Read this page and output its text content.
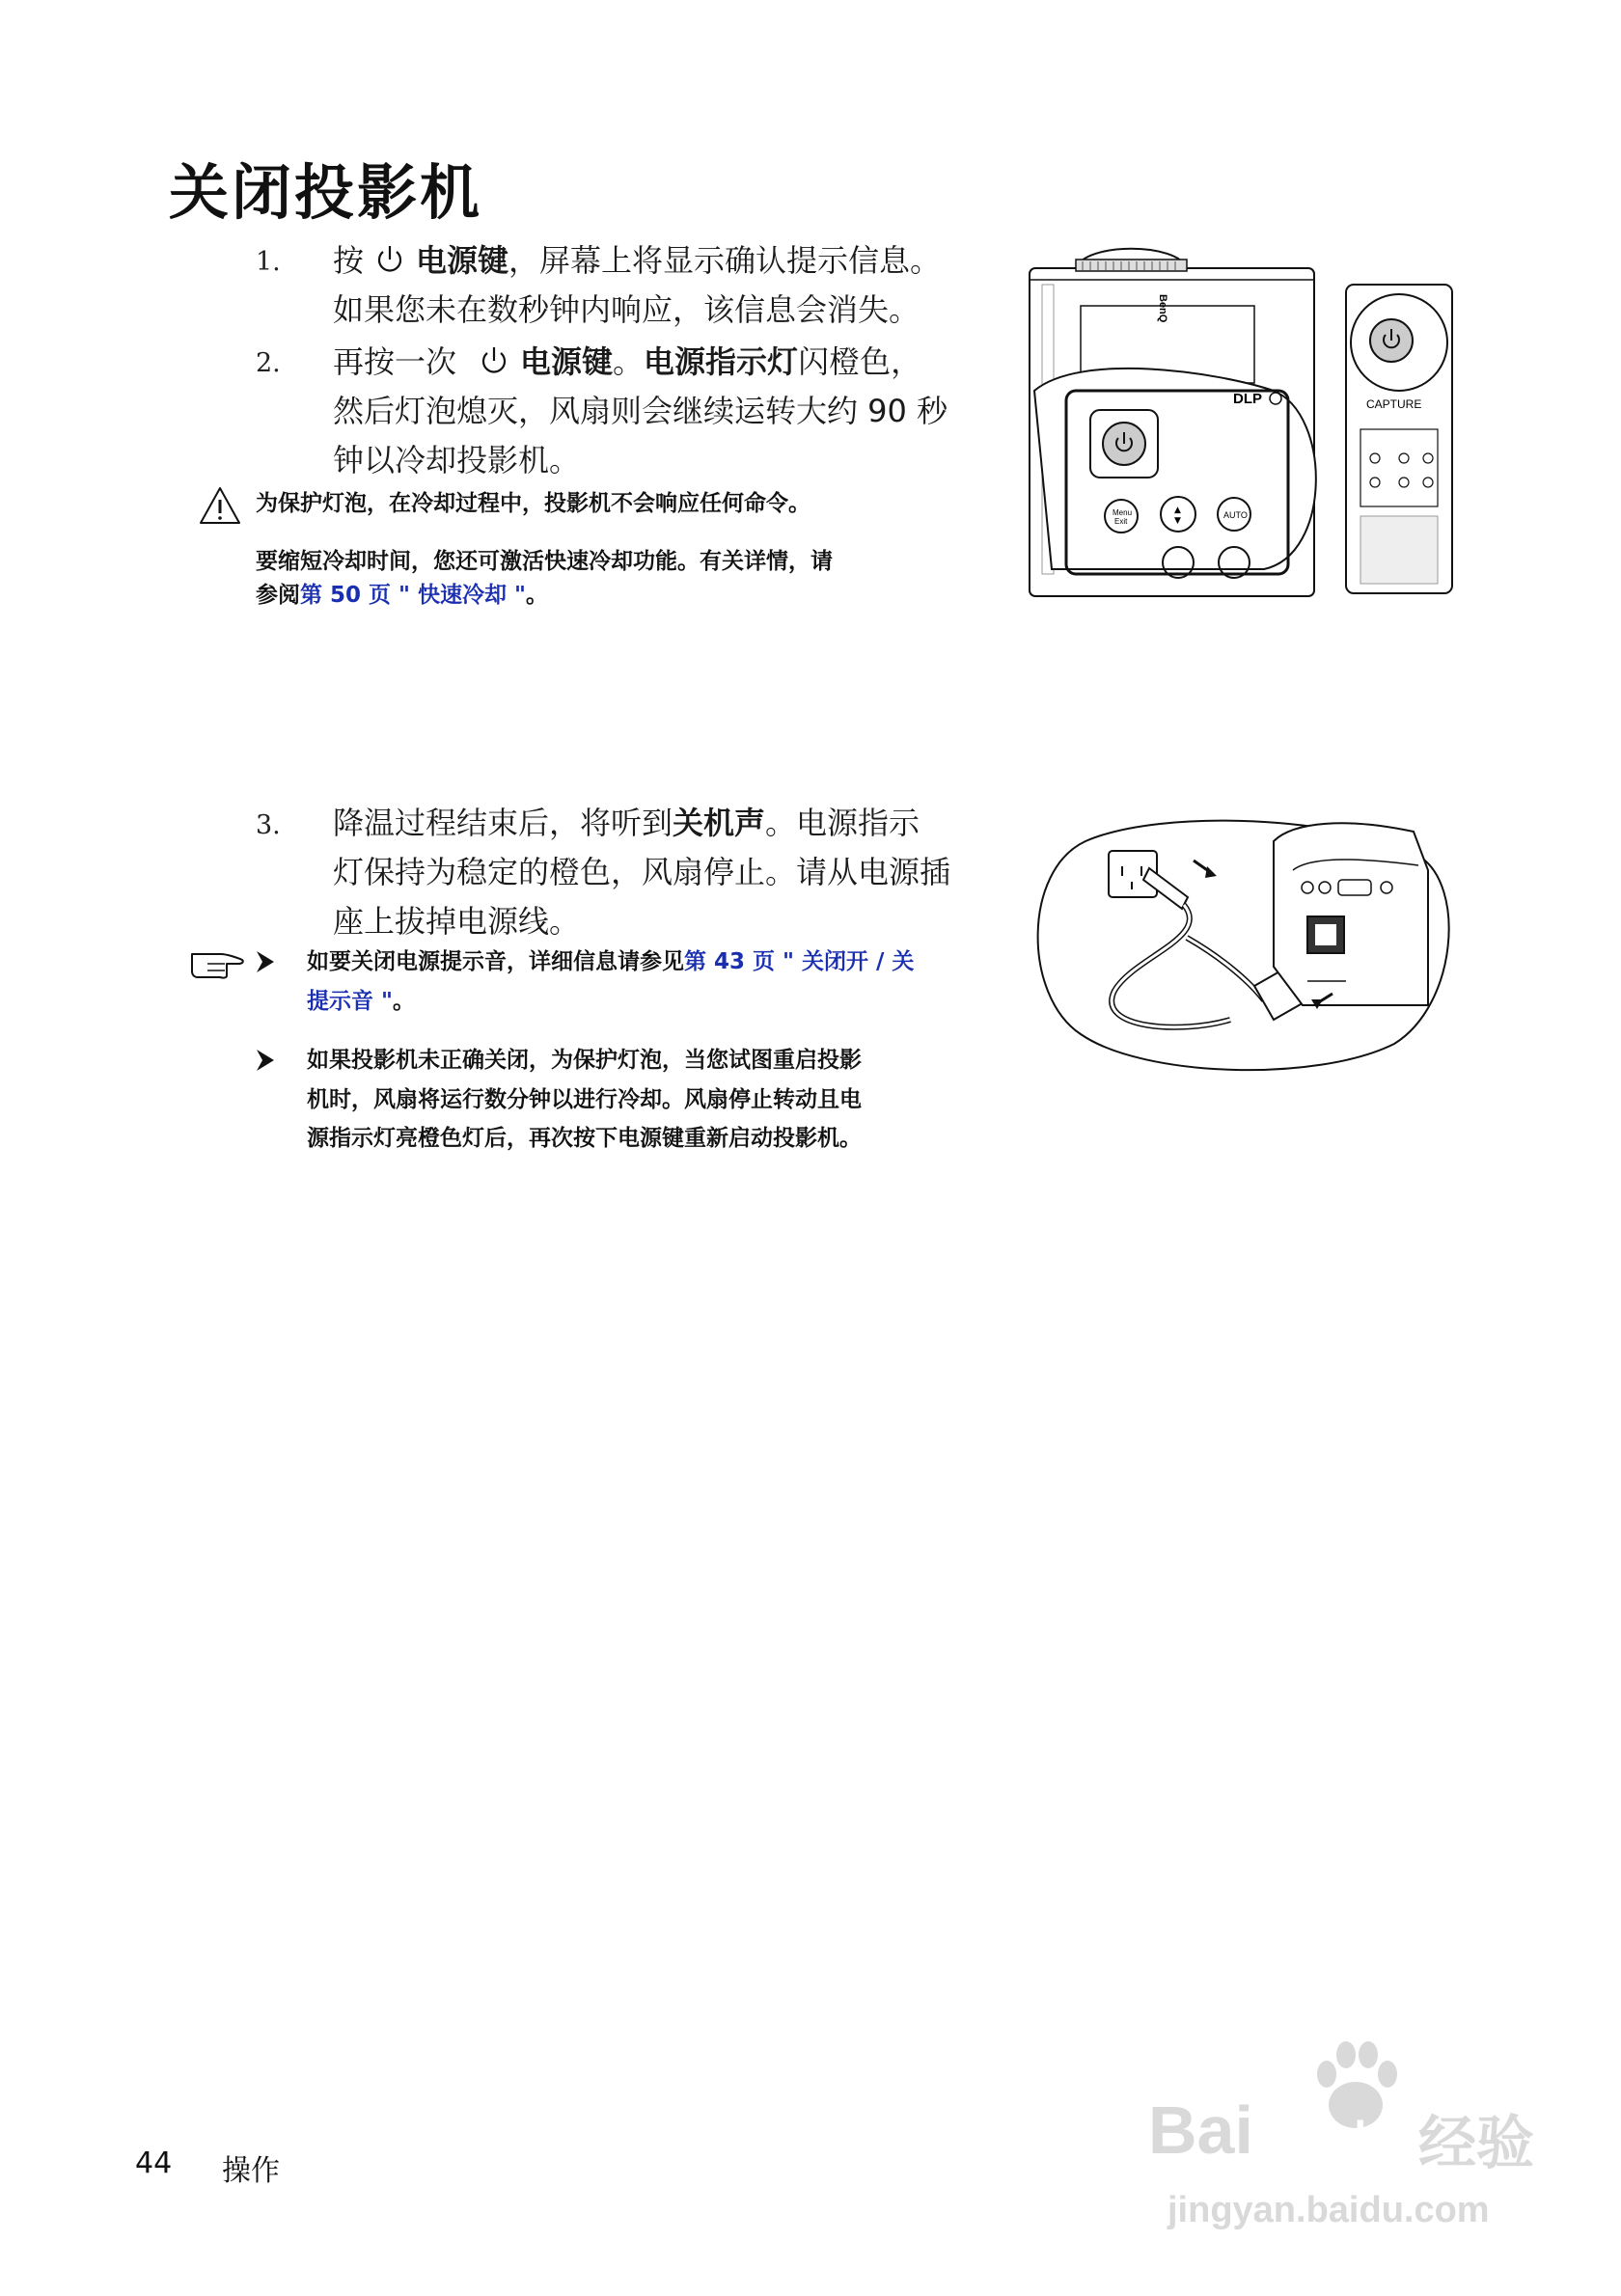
关闭投影机
1. 按 电源键，屏幕上将显示确认提示信息。
如果您未在数秒钟内响应，该信息会消失。
2. 再按一次 电源键。电源指示灯闪橙色，
然后灯泡熄灭，风扇则会继续运转大约 90 秒
钟以冷却投影机。
为保护灯泡，在冷却过程中，投影机不会响应任何命令。
要缩短冷却时间，您还可激活快速冷却功能。有关详情，请
参阅第 50 页 " 快速冷却 "。
BenQ
DLP
Menu
Exit
▲
▼
AUTO
CAPTURE
3. 降温过程结束后，将听到关机声。电源指示
灯保持为稳定的橙色，风扇停止。请从电源插
座上拔掉电源线。
如要关闭电源提示音，详细信息请参见第 43 页 " 关闭开 / 关
提示音 "。
如果投影机未正确关闭，为保护灯泡，当您试图重启投影
机时，风扇将运行数分钟以进行冷却。风扇停止转动且电
源指示灯亮橙色灯后，再次按下电源键重新启动投影机。
44 操作
Bai du 经验
jingyan.baidu.com
